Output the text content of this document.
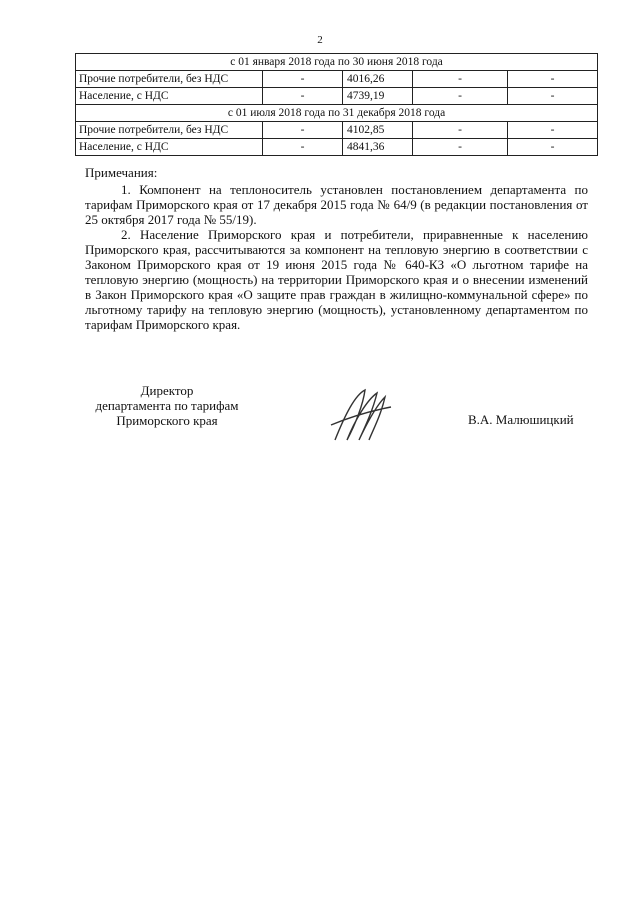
2
с 01 января 2018 года по 30 июня 2018 года				
Прочие потребители, без НДС	-	4016,26	-	-
Население, с НДС	-	4739,19	-	-
с 01 июля 2018 года по 31 декабря 2018 года				
Прочие потребители, без НДС	-	4102,85	-	-
Население, с НДС	-	4841,36	-	-

Примечания:

1. Компонент на теплоноситель установлен постановлением департамента по тарифам Приморского края от 17 декабря 2015 года № 64/9 (в редакции постановления от 25 октября 2017 года № 55/19).

2. Население Приморского края и потребители, приравненные к населению Приморского края, рассчитываются за компонент на тепловую энергию в соответствии с Законом Приморского края от 19 июня 2015 года № 640-КЗ «О льготном тарифе на тепловую энергию (мощность) на территории Приморского края и о внесении изменений в Закон Приморского края «О защите прав граждан в жилищно-коммунальной сфере» по льготному тарифу на тепловую энергию (мощность), установленному департаментом по тарифам Приморского края.

Директор
департамента по тарифам
Приморского края	В.А. Малюшицкий
